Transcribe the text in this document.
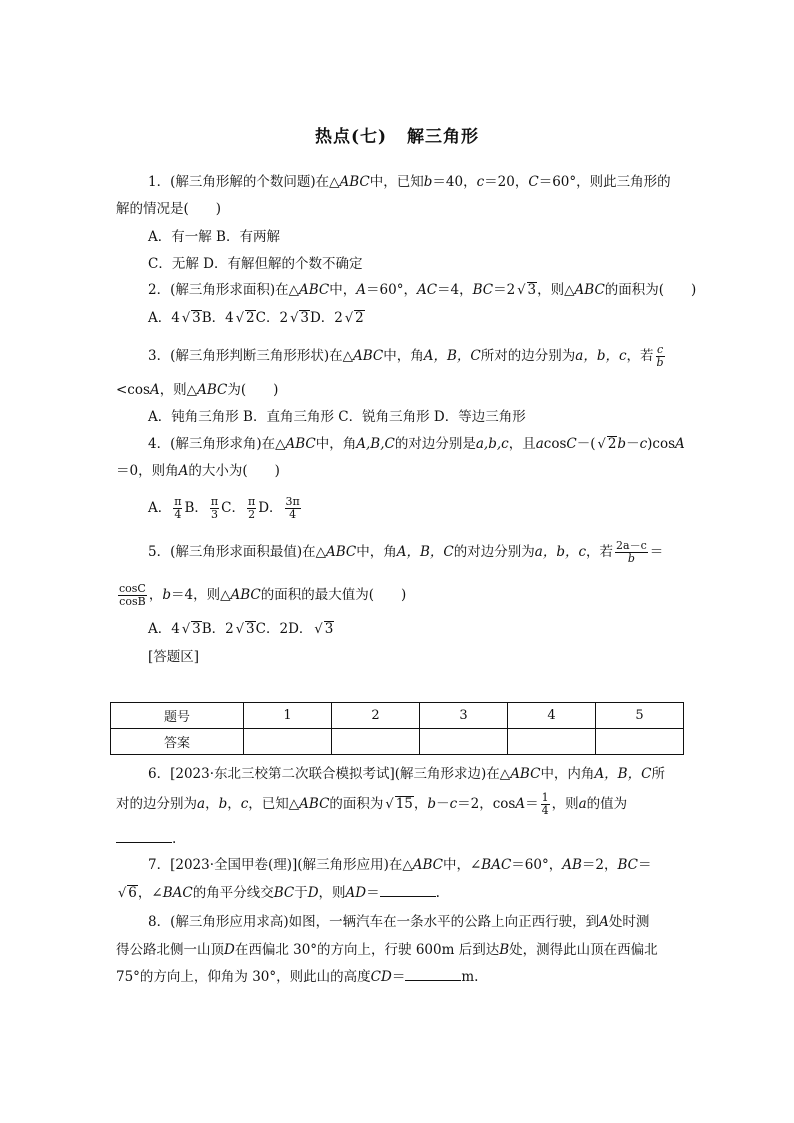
热点(七) 解三角形
1．(解三角形解的个数问题)在△ABC中，已知b＝40，c＝20，C＝60°，则此三角形的
解的情况是(　　)
A．有一解 B．有两解
C．无解 D．有解但解的个数不确定
2．(解三角形求面积)在△ABC中，A＝60°，AC＝4，BC＝2 √ 3，则△ABC的面积为(　　)
A．4 √ 3B．4 √ 2C．2 √ 3D．2 √ 2
3．(解三角形判断三角形形状)在△ABC中，角A，B，C所对的边分别为a，b，c，若 $\frac{c}{b}$
<cosA，则△ABC为(　　)
A．钝角三角形 B．直角三角形 C．锐角三角形 D．等边三角形
4．(解三角形求角)在△ABC中，角A,B,C的对边分别是a,b,c，且acosC－( √ 2b－c)cosA
＝0，则角A的大小为(　　)
A． $\frac{\pi}{4}$ B． $\frac{\pi}{3}$ C． $\frac{\pi}{2}$ D． $\frac{3\pi}{4}$
5．(解三角形求面积最值)在△ABC中，角A，B，C的对边分别为a，b，c，若 $\frac{2a-c}{b}$ ＝
$\frac{\cos C}{\cos B}$ ，b＝4，则△ABC的面积的最大值为(　　)
A．4 √ 3B．2 √ 3C．2D． √ 3
[答题区]
题号	1	2	3	4	5
答案					
6．[2023·东北三校第二次联合模拟考试](解三角形求边)在△ABC中，内角A，B，C所
对的边分别为a，b，c，已知△ABC的面积为 √ 15，b－c＝2，$\cos A= \frac{1}{4}$ ，则a的值为
.
7．[2023·全国甲卷(理)](解三角形应用)在△ABC中，∠BAC＝60°，AB＝2，BC＝
√ 6，∠BAC的角平分线交BC于D，则AD＝	.
8．(解三角形应用求高)如图，一辆汽车在一条水平的公路上向正西行驶，到A处时测
得公路北侧一山顶D在西偏北 30°的方向上，行驶 600m 后到达B处，测得此山顶在西偏北
75°的方向上，仰角为 30°，则此山的高度CD＝	m.
